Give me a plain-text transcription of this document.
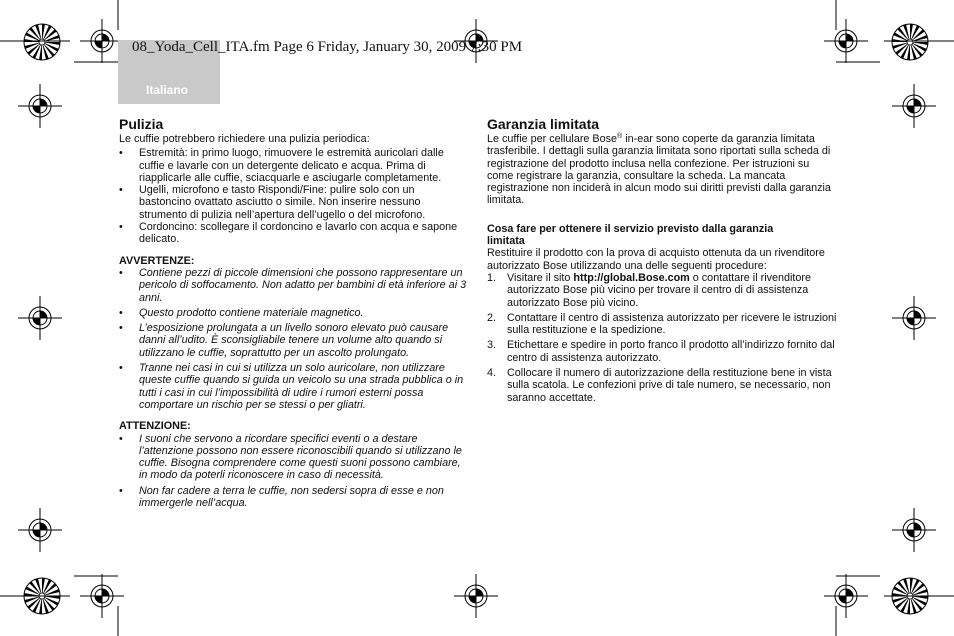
Italiano
08_Yoda_Cell_ITA.fm Page 6 Friday, January 30, 2009 7:30 PM
Pulizia

Le cuffie potrebbero richiedere una pulizia periodica:

• Estremità: in primo luogo, rimuovere le estremità auricolari dalle cuffie e lavarle con un detergente delicato e acqua. Prima di riapplicarle alle cuffie, sciacquarle e asciugarle completamente.
• Ugelli, microfono e tasto Rispondi/Fine: pulire solo con un bastoncino ovattato asciutto o simile. Non inserire nessuno strumento di pulizia nell’apertura dell’ugello o del microfono.
• Cordoncino: scollegare il cordoncino e lavarlo con acqua e sapone delicato.
AVVERTENZE:
• Contiene pezzi di piccole dimensioni che possono rappresentare un pericolo di soffocamento. Non adatto per bambini di età inferiore ai 3 anni.
• Questo prodotto contiene materiale magnetico.
• L’esposizione prolungata a un livello sonoro elevato può causare danni all’udito. È sconsigliabile tenere un volume alto quando si utilizzano le cuffie, soprattutto per un ascolto prolungato.
• Tranne nei casi in cui si utilizza un solo auricolare, non utilizzare queste cuffie quando si guida un veicolo su una strada pubblica o in tutti i casi in cui l’impossibilità di udire i rumori esterni possa comportare un rischio per se stessi o per gliatri.
ATTENZIONE:
• I suoni che servono a ricordare specifici eventi o a destare l’attenzione possono non essere riconoscibili quando si utilizzano le cuffie. Bisogna comprendere come questi suoni possono cambiare, in modo da poterli riconoscere in caso di necessità.
• Non far cadere a terra le cuffie, non sedersi sopra di esse e non immergerle nell’acqua.
Garanzia limitata

Le cuffie per cellulare Bose® in-ear sono coperte da garanzia limitata trasferibile. I dettagli sulla garanzia limitata sono riportati sulla scheda di registrazione del prodotto inclusa nella confezione. Per istruzioni su come registrare la garanzia, consultare la scheda. La mancata registrazione non inciderà in alcun modo sui diritti previsti dalla garanzia limitata.

Cosa fare per ottenere il servizio previsto dalla garanzia limitata

Restituire il prodotto con la prova di acquisto ottenuta da un rivenditore autorizzato Bose utilizzando una delle seguenti procedure:

1. Visitare il sito http://global.Bose.com o contattare il rivenditore autorizzato Bose più vicino per trovare il centro di di assistenza autorizzato Bose più vicino.
2. Contattare il centro di assistenza autorizzato per ricevere le istruzioni sulla restituzione e la spedizione.
3. Etichettare e spedire in porto franco il prodotto all’indirizzo fornito dal centro di assistenza autorizzato.
4. Collocare il numero di autorizzazione della restituzione bene in vista sulla scatola. Le confezioni prive di tale numero, se necessario, non saranno accettate.
